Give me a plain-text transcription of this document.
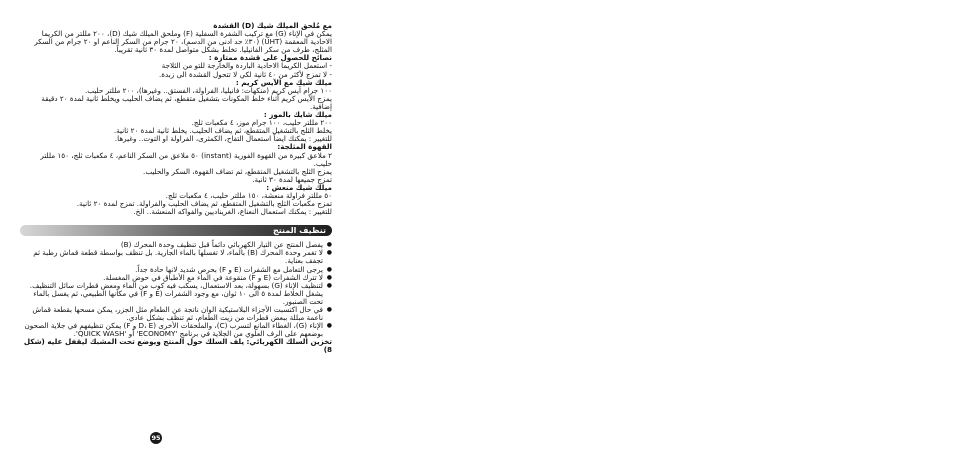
مع مُلحق الميلك شيك (D) القشدة

يمكن في الإناء (G) مع تركيب الشفرة السفلية (F) وملحق الميلك شيك (D)، ٢٠٠ مللتر من الكريما الاحادية المعقمة (UHT) (٣٠٪ حد ادنى من الدسم)، ٢٠ جرام من السكر الناعم او ٢٠ جرام من السكر المثلج، طرف من سكر الفانيليا. تخلط بشكل متواصل لمدة ٣٠ ثانية تقريباً.

نصائح للحصول على قشدة ممتازة :

- استعمل الكريما الاحادية الباردة والخارجة للتو من الثلاجة

- لا تمزج لأكثر من ٤٠ ثانية لكي لا تتحول القشدة الى زبدة.

ميلك شيك مع الآيس كريم :

١٠٠ جرام آيس كريم (منكهات: فانيليا، الفراولة، الفستق.. وغيرها)، ٢٠٠ مللتر حليب.

يمزج الآيس كريم أثناء خلط المكونات بتشغيل متقطع، ثم يضاف الحليب ويخلط ثانية لمدة ٢٠ دقيقة إضافية.

ميلك شايك بالموز :

٢٠٠ مللتر حليب، ١٠٠ جرام موز، ٤ مكعبات ثلج.

يخلط الثلج بالتشغيل المتقطع، ثم يضاف الحليب. يخلط ثانية لمدة ٢٠ ثانية.

للتغيير : يمكنك ايضاً استعمال التفاح، الكمثرى، الفراولة او التوت.. وغيرها.

القهوة المثلجة:

٢ ملاعق كبيرة من القهوة الفورية (instant) ٥٠ ملاعق من السكر الناعم، ٤ مكعبات ثلج، ١٥٠ مللتر حليب.

يمزج الثلج بالتشغيل المتقطع، ثم تضاف القهوة، السكر والحليب.

تمزج جميعها لمدة ٣٠ ثانية.

ميلك شيك منعش :

٥٠ مللتر فراولة منعشة، ١٥٠ مللتر حليب، ٤ مكعبات ثلج.

تمزج مكعبات الثلج بالتشغيل المتقطع، ثم يضاف الحليب والفراولة. تمزج لمدة ٢٠ ثانية.

للتغيير : يمكنك استعمال النعناع، الغريناديين والفواكه المنعشة.. الخ.

تنظيف المنتج
● يفصل المنتج عن التيار الكهربائي دائماً قبل تنظيف وحدة المحرك (B)
● لا تغمر وحدة المحرك (B) بالماء، لا تغسلها بالماء الجارية. بل تنظف بواسطة قطعة قماش رطبة ثم تجفف بعناية.
● يرجى التعامل مع الشفرات (E و F) بحرص شديد لانها حادة جداً.
● لا تترك الشفرات (E و F) منقوعة في الماء مع الأطباق في حوض المغسلة.
● لتنظيف الإناء (G) بسهولة، بعد الاستعمال، يسكب فيه كوب من الماء ومعض قطرات سائل التنظيف. يشغل الخلاط لمدة ٥ الى ١٠ ثوان، مع وجود الشفرات (E و F) في مكانها الطبيعي، ثم يغسل بالماء تحت الصنبور.
● في حال اكتسبت الأجزاء البلاستيكية الوان ناتجة عن الطعام مثل الجزر، يمكن مسحها بقطعة قماش ناعمة مبللة ببعض قطرات من زيت الطعام، ثم تنظف بشكل عادي.
● الإناء (G)، الغطاء المانع لتسرب (C)، والملحقات الأخرى (D، E و F) يمكن تنظيفهم في جلاية الصحون بوضعهم على الرف العلوي من الجلاية في برنامج 'ECONOMY' أو 'QUICK WASH'.

تخزين السلك الكهربائي: يلف السلك حول المنتج ويوضع تحت المشبك ليقفل عليه (شكل 8)

95
